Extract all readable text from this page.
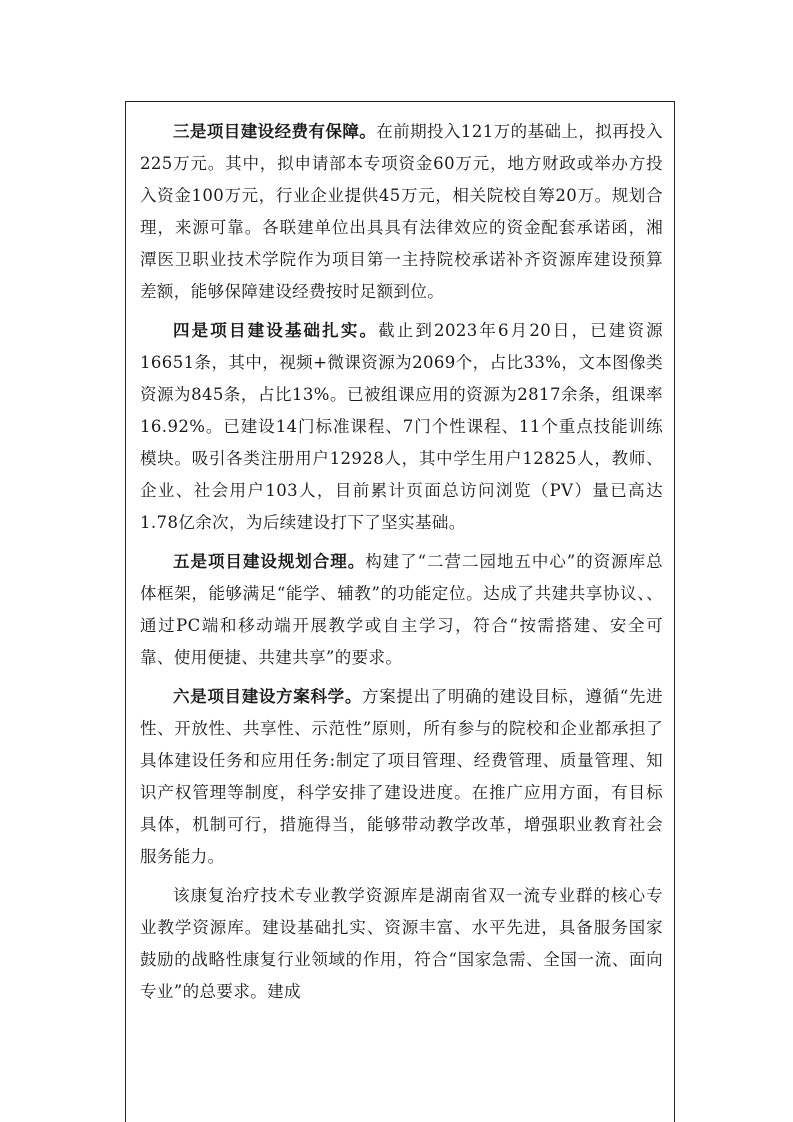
三是项目建设经费有保障。在前期投入121万的基础上，拟再投入225万元。其中，拟申请部本专项资金60万元，地方财政或举办方投入资金100万元，行业企业提供45万元，相关院校自筹20万。规划合理，来源可靠。各联建单位出具具有法律效应的资金配套承诺函，湘潭医卫职业技术学院作为项目第一主持院校承诺补齐资源库建设预算差额，能够保障建设经费按时足额到位。

四是项目建设基础扎实。截止到2023年6月20日，已建资源16651条，其中，视频+微课资源为2069个，占比33%，文本图像类资源为845条，占比13%。已被组课应用的资源为2817余条，组课率16.92%。已建设14门标准课程、7门个性课程、11个重点技能训练模块。吸引各类注册用户12928人，其中学生用户12825人，教师、企业、社会用户103人，目前累计页面总访问浏览（PV）量已高达1.78亿余次，为后续建设打下了坚实基础。

五是项目建设规划合理。构建了“二营二园地五中心”的资源库总体框架，能够满足“能学、辅教”的功能定位。达成了共建共享协议、、通过PC端和移动端开展教学或自主学习，符合“按需搭建、安全可靠、使用便捷、共建共享”的要求。

六是项目建设方案科学。方案提出了明确的建设目标，遵循“先进性、开放性、共享性、示范性”原则，所有参与的院校和企业都承担了具体建设任务和应用任务:制定了项目管理、经费管理、质量管理、知识产权管理等制度，科学安排了建设进度。在推广应用方面，有目标具体，机制可行，措施得当，能够带动教学改革，增强职业教育社会服务能力。

该康复治疗技术专业教学资源库是湖南省双一流专业群的核心专业教学资源库。建设基础扎实、资源丰富、水平先进，具备服务国家鼓励的战略性康复行业领域的作用，符合“国家急需、全国一流、面向专业”的总要求。建成
